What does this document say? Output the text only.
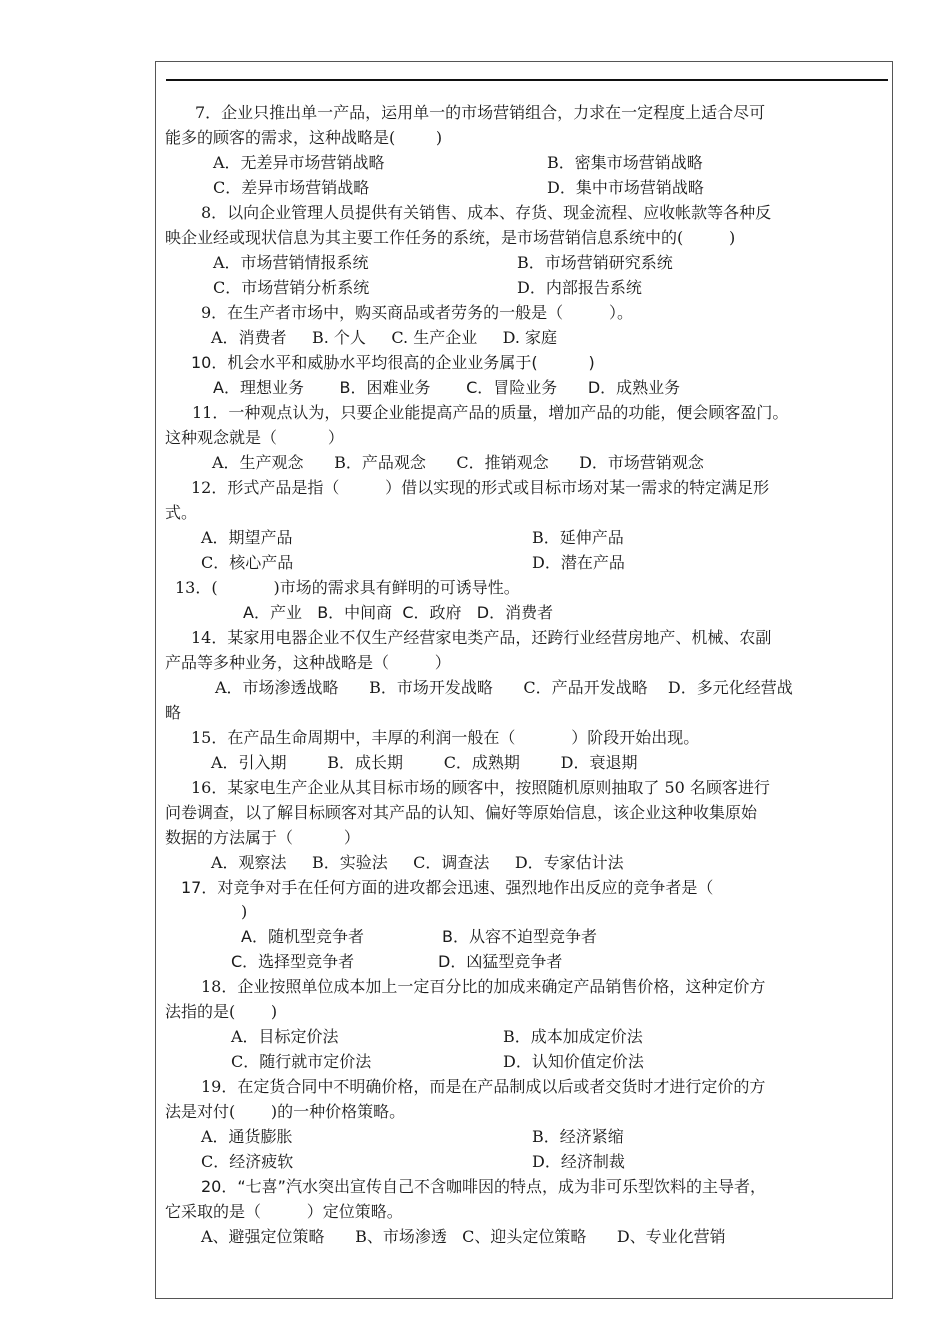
7．企业只推出单一产品，运用单一的市场营销组合，力求在一定程度上适合尽可
能多的顾客的需求，这种战略是(        )
A．无差异市场营销战略	B．密集市场营销战略
C．差异市场营销战略	D．集中市场营销战略
8．以向企业管理人员提供有关销售、成本、存货、现金流程、应收帐款等各种反
映企业经或现状信息为其主要工作任务的系统，是市场营销信息系统中的(         )
A．市场营销情报系统	B．市场营销研究系统
C．市场营销分析系统	D．内部报告系统
9．在生产者市场中，购买商品或者劳务的一般是（         ）。
A．消费者     B. 个人     C. 生产企业     D. 家庭
10．机会水平和威胁水平均很高的企业业务属于(          )
A．理想业务       B．困难业务       C．冒险业务      D．成熟业务
11．一种观点认为，只要企业能提高产品的质量，增加产品的功能，便会顾客盈门。
这种观念就是（          ）
A．生产观念      B．产品观念      C．推销观念      D．市场营销观念
12．形式产品是指（         ）借以实现的形式或目标市场对某一需求的特定满足形
式。
A．期望产品	B．延伸产品
C．核心产品	D．潜在产品
13．(           )市场的需求具有鲜明的可诱导性。
A．产业   B．中间商  C．政府   D．消费者
14．某家用电器企业不仅生产经营家电类产品，还跨行业经营房地产、机械、农副
产品等多种业务，这种战略是（         ）
A．市场渗透战略      B．市场开发战略      C．产品开发战略    D．多元化经营战
略
15．在产品生命周期中，丰厚的利润一般在（           ）阶段开始出现。
A．引入期        B．成长期        C．成熟期        D．衰退期
16．某家电生产企业从其目标市场的顾客中，按照随机原则抽取了 50 名顾客进行
问卷调查，以了解目标顾客对其产品的认知、偏好等原始信息，该企业这种收集原始
数据的方法属于（          ）
A．观察法     B．实验法     C．调查法     D．专家估计法
17．对竞争对手在任何方面的进攻都会迅速、强烈地作出反应的竞争者是（
)
A．随机型竞争者	B．从容不迫型竞争者
C．选择型竞争者	D．凶猛型竞争者
18．企业按照单位成本加上一定百分比的加成来确定产品销售价格，这种定价方
法指的是(       )
A．目标定价法	B．成本加成定价法
C．随行就市定价法	D．认知价值定价法
19．在定货合同中不明确价格，而是在产品制成以后或者交货时才进行定价的方
法是对付(       )的一种价格策略。
A．通货膨胀	B．经济紧缩
C．经济疲软	D．经济制裁
20．“七喜”汽水突出宣传自己不含咖啡因的特点，成为非可乐型饮料的主导者，
它采取的是（         ）定位策略。
A、避强定位策略      B、市场渗透   C、迎头定位策略      D、专业化营销
